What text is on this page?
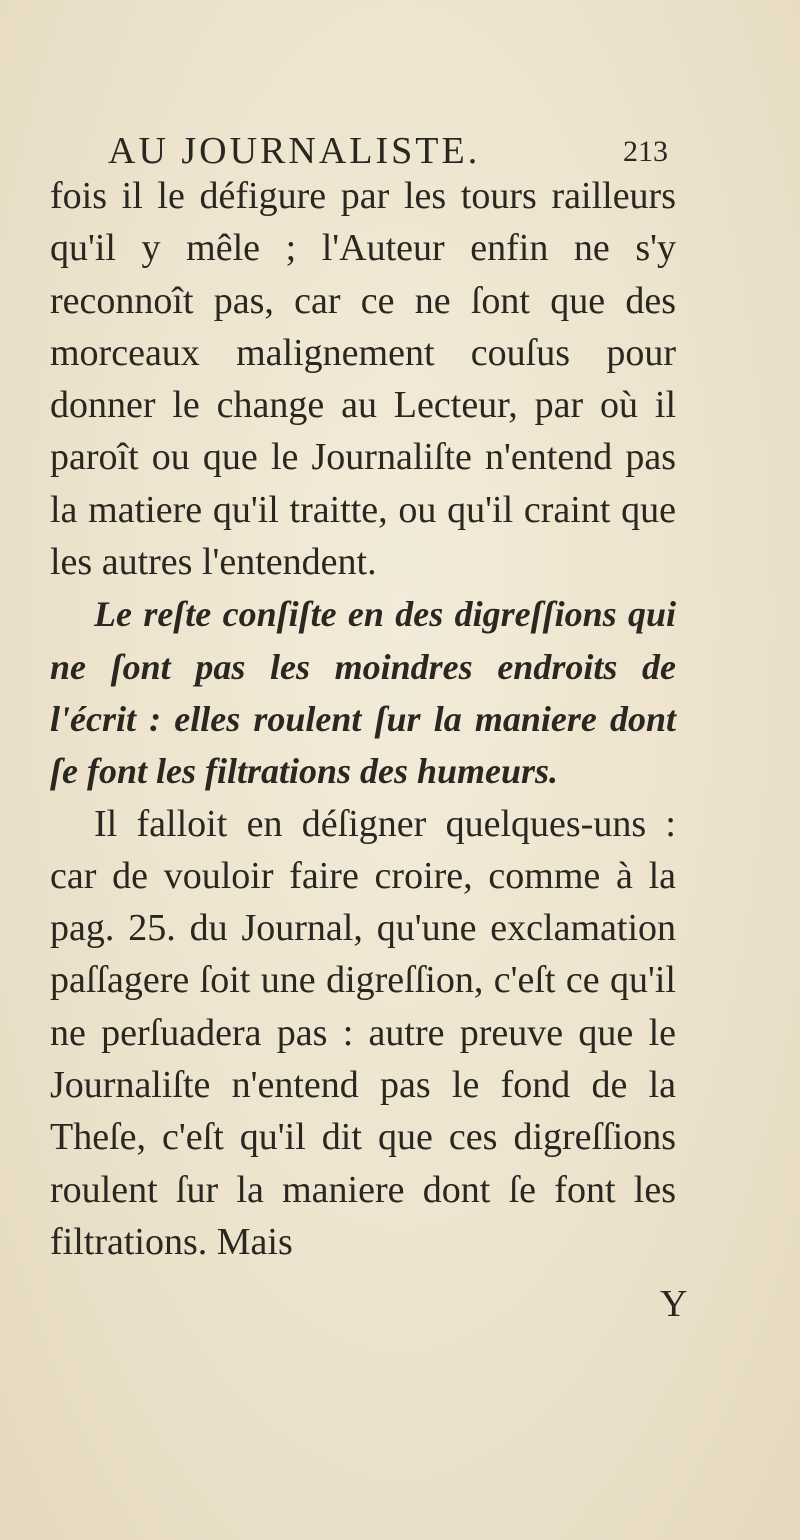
AU JOURNALISTE.	213

fois il le défigure par les tours railleurs qu'il y mêle ; l'Auteur enfin ne s'y reconnoît pas, car ce ne ſont que des morceaux malignement couſus pour donner le change au Lecteur, par où il paroît ou que le Journaliſte n'entend pas la matiere qu'il traitte, ou qu'il craint que les autres l'entendent.

Le reſte conſiſte en des digreſſions qui ne ſont pas les moindres endroits de l'écrit : elles roulent ſur la maniere dont ſe font les filtrations des humeurs.

Il falloit en déſigner quelques-uns : car de vouloir faire croire, comme à la pag. 25. du Journal, qu'une exclamation paſſagere ſoit une digreſſion, c'eſt ce qu'il ne perſuadera pas : autre preuve que le Journaliſte n'entend pas le fond de la Theſe, c'eſt qu'il dit que ces digreſſions roulent ſur la maniere dont ſe font les filtrations. Mais

Y
